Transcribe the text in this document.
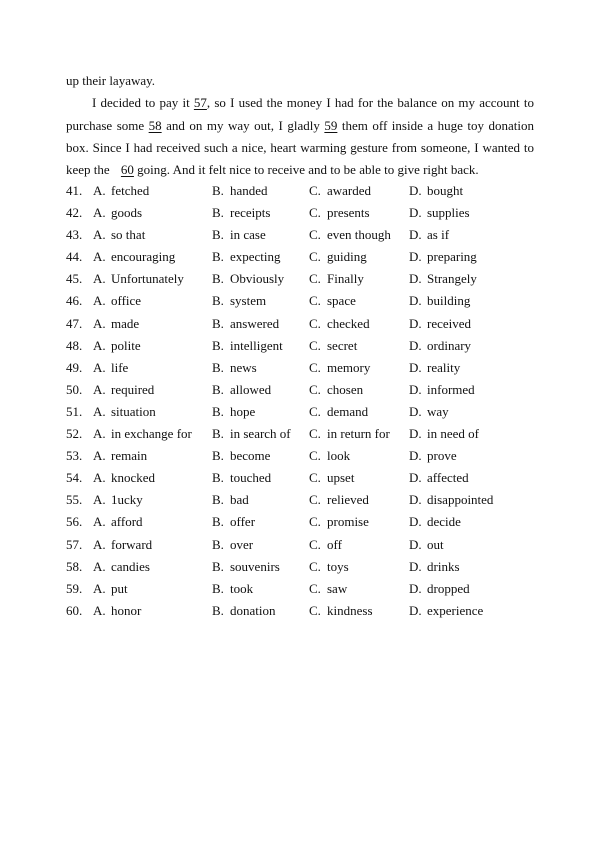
up their layaway.

I decided to pay it 57, so I used the money I had for the balance on my account to purchase some 58 and on my way out, I gladly 59 them off inside a huge toy donation box. Since I had received such a nice, heart warming gesture from someone, I wanted to keep the 60 going. And it felt nice to receive and to be able to give right back.

41. A. fetched	B. handed	C. awarded	D. bought
42. A. goods	B. receipts	C. presents	D. supplies
43. A. so that	B. in case	C. even though D. as if
44. A. encouraging	B. expecting C. guiding	D. preparing
45. A. Unfortunately B. Obviously C. Finally	D. Strangely
46. A. office	B. system	C. space	D. building
47. A. made	B. answered C. checked	D. received
48. A. polite	B. intelligent C. secret	D. ordinary
49. A. life	B. news	C. memory	D. reality
50. A. required	B. allowed	C. chosen	D. informed
51. A. situation	B. hope	C. demand	D. way
52. A. in exchange for B. in search of C. in return for D. in need of
53. A. remain	B. become	C. look	D. prove
54. A. knocked	B. touched	C. upset	D. affected
55. A. 1ucky	B. bad	C. relieved	D. disappointed
56. A. afford	B. offer	C. promise	D. decide
57. A. forward	B. over	C. off	D. out
58. A. candies	B. souvenirs C. toys	D. drinks
59. A. put	B. took	C. saw	D. dropped
60. A. honor	B. donation	C. kindness	D. experience
